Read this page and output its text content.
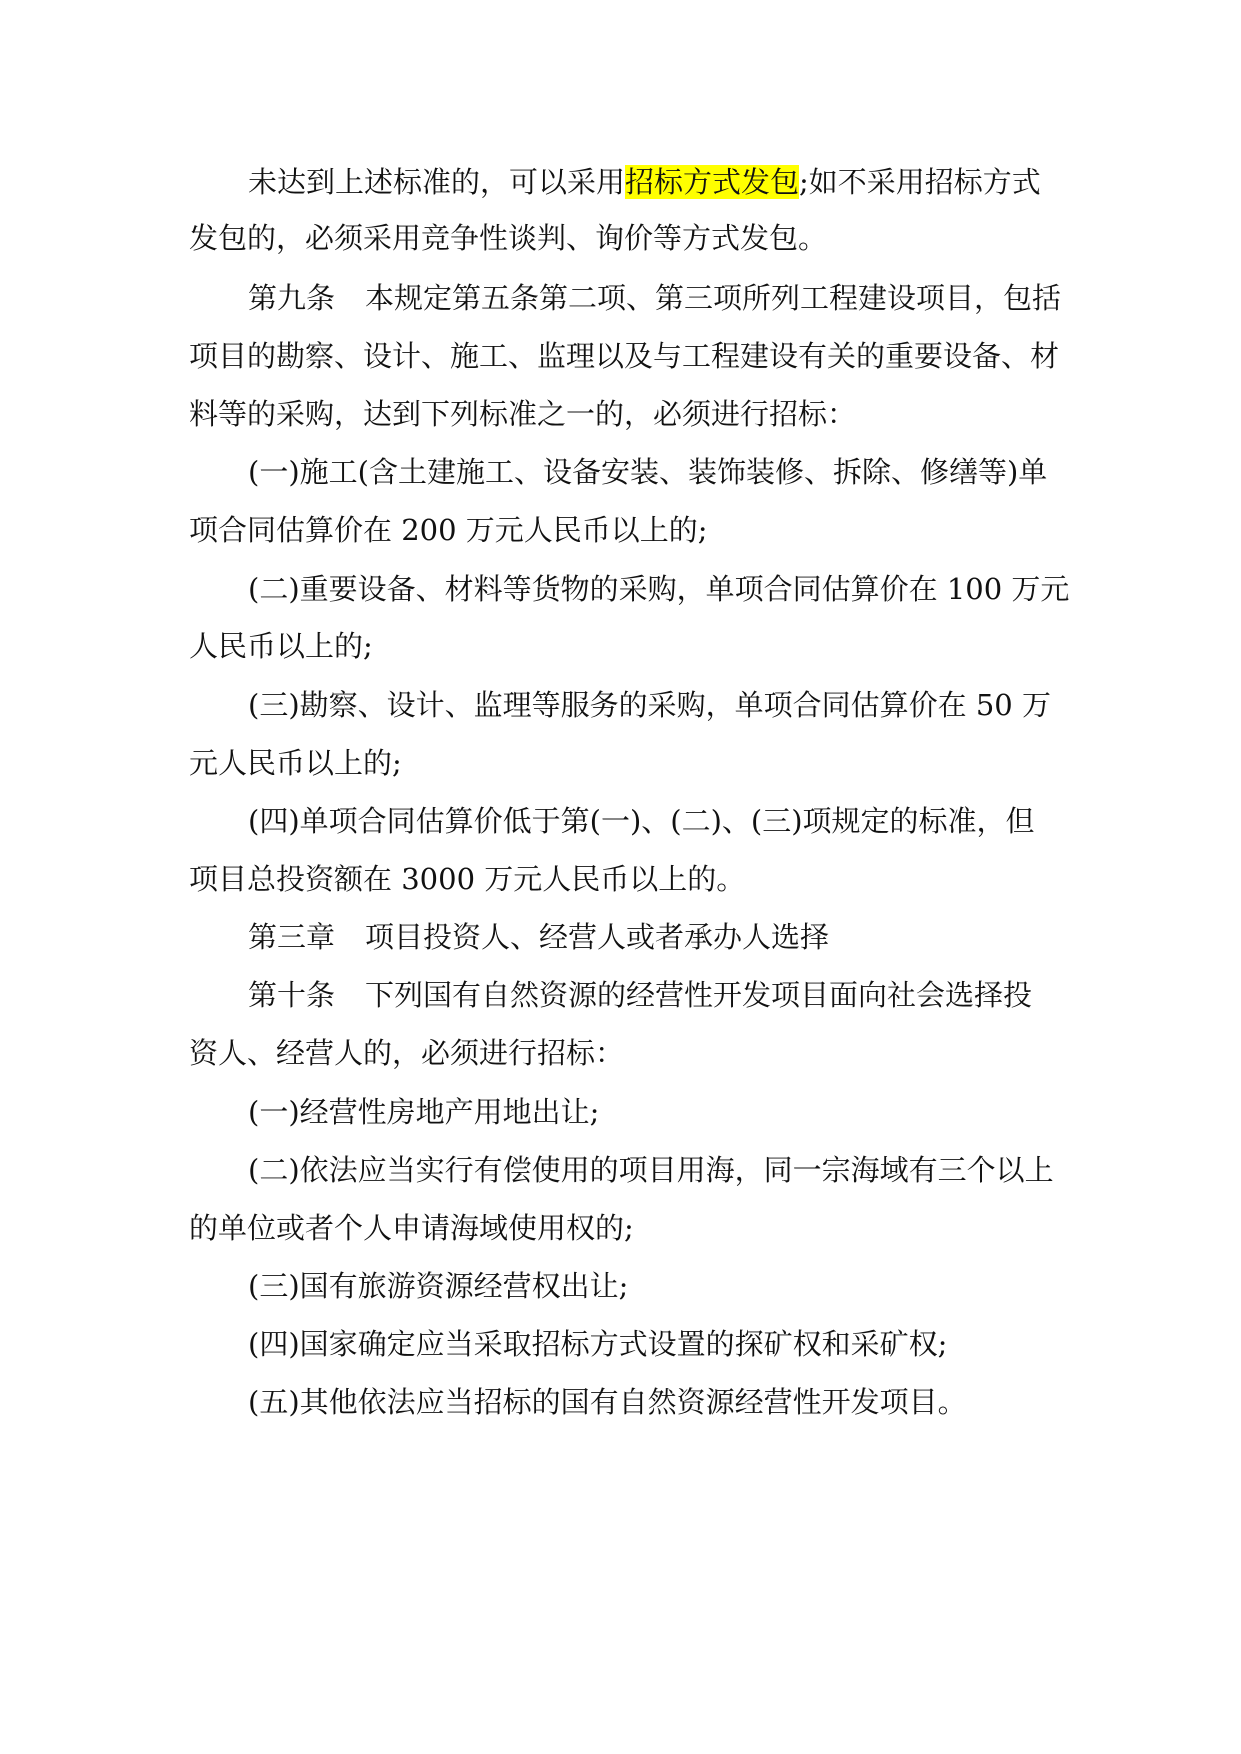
未达到上述标准的，可以采用招标方式发包;如不采用招标方式
发包的，必须采用竞争性谈判、询价等方式发包。
第九条 本规定第五条第二项、第三项所列工程建设项目，包括
项目的勘察、设计、施工、监理以及与工程建设有关的重要设备、材
料等的采购，达到下列标准之一的，必须进行招标：
(一)施工(含土建施工、设备安装、装饰装修、拆除、修缮等)单
项合同估算价在 200 万元人民币以上的;
(二)重要设备、材料等货物的采购，单项合同估算价在 100 万元
人民币以上的;
(三)勘察、设计、监理等服务的采购，单项合同估算价在 50 万
元人民币以上的;
(四)单项合同估算价低于第(一)、(二)、(三)项规定的标准，但
项目总投资额在 3000 万元人民币以上的。
第三章 项目投资人、经营人或者承办人选择
第十条 下列国有自然资源的经营性开发项目面向社会选择投
资人、经营人的，必须进行招标：
(一)经营性房地产用地出让;
(二)依法应当实行有偿使用的项目用海，同一宗海域有三个以上
的单位或者个人申请海域使用权的;
(三)国有旅游资源经营权出让;
(四)国家确定应当采取招标方式设置的探矿权和采矿权;
(五)其他依法应当招标的国有自然资源经营性开发项目。
